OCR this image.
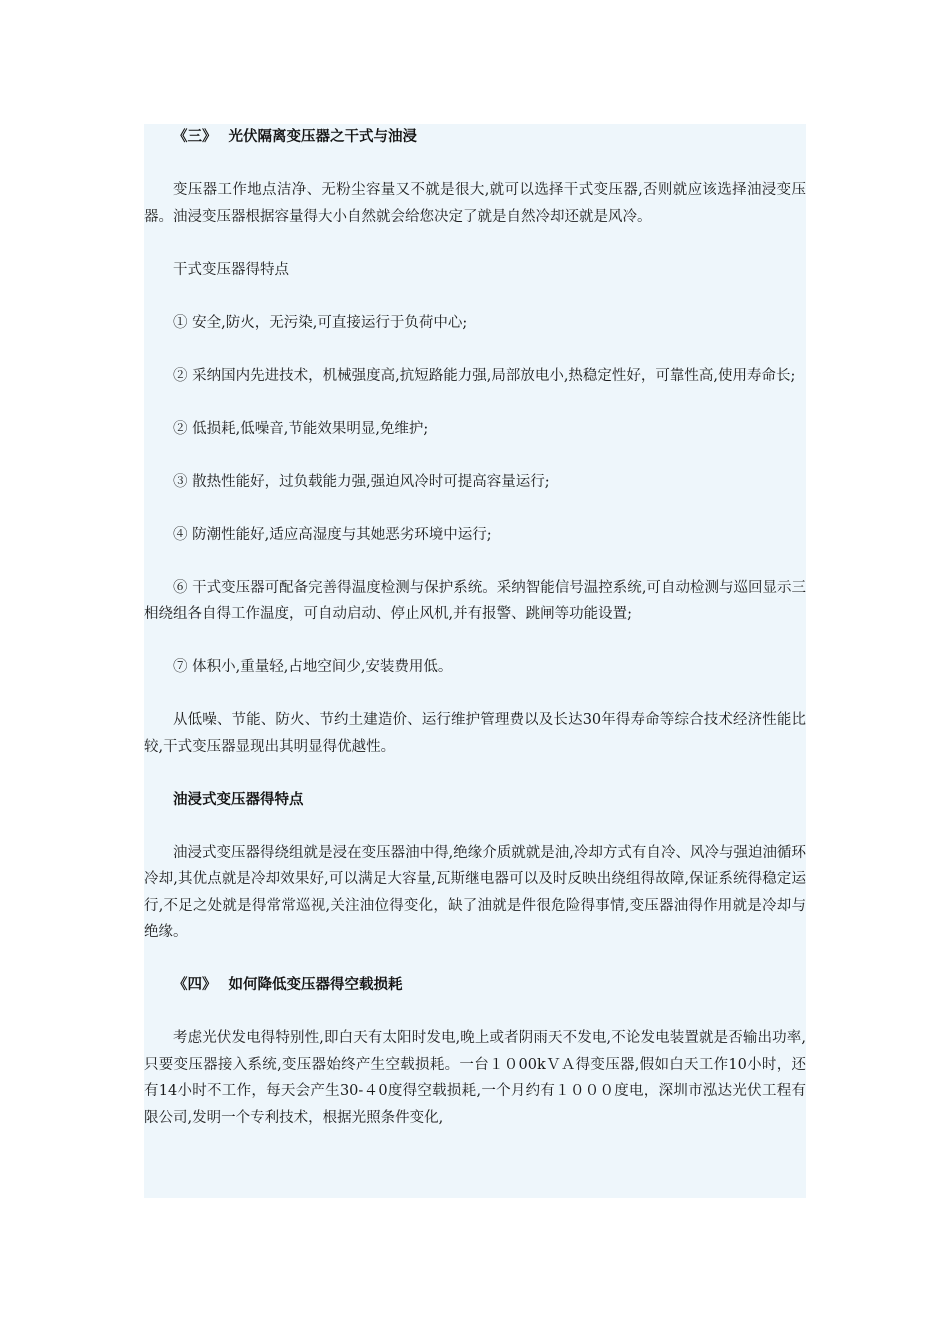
《三》 光伏隔离变压器之干式与油浸

变压器工作地点洁净、无粉尘容量又不就是很大,就可以选择干式变压器,否则就应该选择油浸变压器。油浸变压器根据容量得大小自然就会给您决定了就是自然冷却还就是风冷。

干式变压器得特点

① 安全,防火，无污染,可直接运行于负荷中心;

② 采纳国内先进技术，机械强度高,抗短路能力强,局部放电小,热稳定性好，可靠性高,使用寿命长;

② 低损耗,低噪音,节能效果明显,免维护;

③ 散热性能好，过负载能力强,强迫风冷时可提高容量运行;

④ 防潮性能好,适应高湿度与其她恶劣环境中运行;

⑥ 干式变压器可配备完善得温度检测与保护系统。采纳智能信号温控系统,可自动检测与巡回显示三相绕组各自得工作温度，可自动启动、停止风机,并有报警、跳闸等功能设置;

⑦ 体积小,重量轻,占地空间少,安装费用低。

从低噪、节能、防火、节约土建造价、运行维护管理费以及长达30年得寿命等综合技术经济性能比较,干式变压器显现出其明显得优越性。

油浸式变压器得特点

油浸式变压器得绕组就是浸在变压器油中得,绝缘介质就就是油,冷却方式有自冷、风冷与强迫油循环冷却,其优点就是冷却效果好,可以满足大容量,瓦斯继电器可以及时反映出绕组得故障,保证系统得稳定运行,不足之处就是得常常巡视,关注油位得变化，缺了油就是件很危险得事情,变压器油得作用就是冷却与绝缘。

《四》 如何降低变压器得空载损耗

考虑光伏发电得特别性,即白天有太阳时发电,晚上或者阴雨天不发电,不论发电装置就是否输出功率,只要变压器接入系统,变压器始终产生空载损耗。一台１０00kＶＡ得变压器,假如白天工作10小时，还有14小时不工作，每天会产生30-４0度得空载损耗,一个月约有１０００度电，深圳市泓达光伏工程有限公司,发明一个专利技术，根据光照条件变化,
